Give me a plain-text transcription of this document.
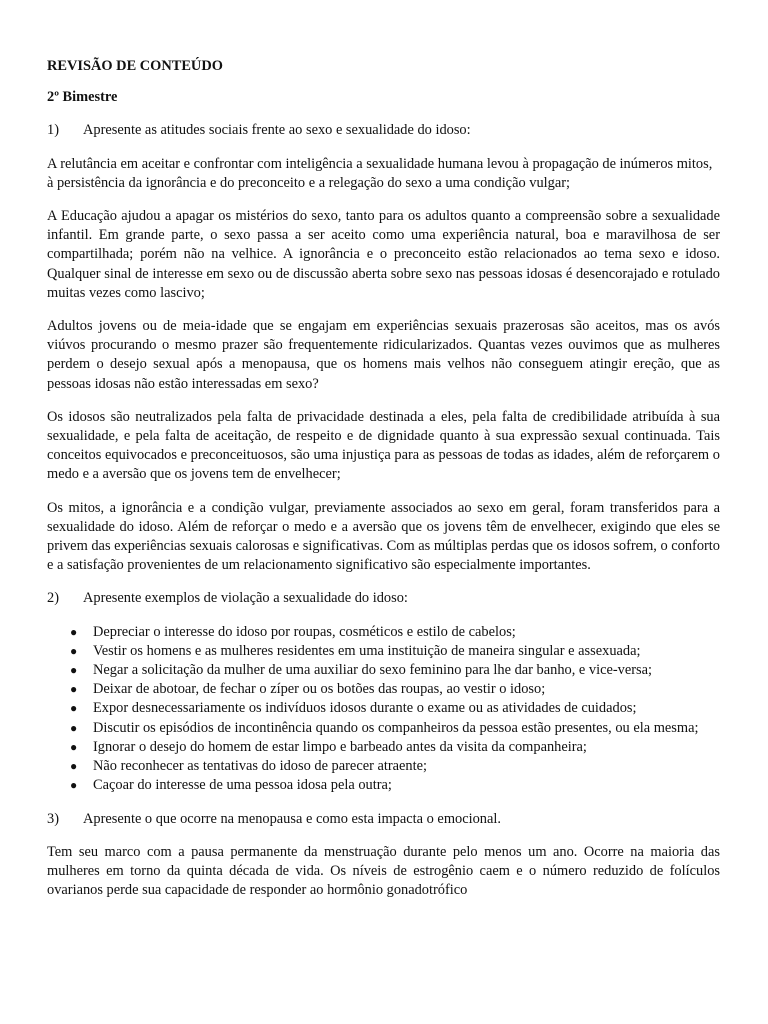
REVISÃO DE CONTEÚDO
2º Bimestre
1)	Apresente as atitudes sociais frente ao sexo e sexualidade do idoso:

A relutância em aceitar e confrontar com inteligência a sexualidade humana levou à propagação de inúmeros mitos, à persistência da ignorância e do preconceito e a relegação do sexo a uma condição vulgar;

A Educação ajudou a apagar os mistérios do sexo, tanto para os adultos quanto a compreensão sobre a sexualidade infantil. Em grande parte, o sexo passa a ser aceito como uma experiência natural, boa e maravilhosa de ser compartilhada; porém não na velhice. A ignorância e o preconceito estão relacionados ao tema sexo e idoso. Qualquer sinal de interesse em sexo ou de discussão aberta sobre sexo nas pessoas idosas é desencorajado e rotulado muitas vezes como lascivo;

Adultos jovens ou de meia-idade que se engajam em experiências sexuais prazerosas são aceitos, mas os avós viúvos procurando o mesmo prazer são frequentemente ridicularizados. Quantas vezes ouvimos que as mulheres perdem o desejo sexual após a menopausa, que os homens mais velhos não conseguem atingir ereção, que as pessoas idosas não estão interessadas em sexo?

Os idosos são neutralizados pela falta de privacidade destinada a eles, pela falta de credibilidade atribuída à sua sexualidade, e pela falta de aceitação, de respeito e de dignidade quanto à sua expressão sexual continuada. Tais conceitos equivocados e preconceituosos, são uma injustiça para as pessoas de todas as idades, além de reforçarem o medo e a aversão que os jovens tem de envelhecer;

Os mitos, a ignorância e a condição vulgar, previamente associados ao sexo em geral, foram transferidos para a sexualidade do idoso. Além de reforçar o medo e a aversão que os jovens têm de envelhecer, exigindo que eles se privem das experiências sexuais calorosas e significativas. Com as múltiplas perdas que os idosos sofrem, o conforto e a satisfação provenientes de um relacionamento significativo são especialmente importantes.

2)	Apresente exemplos de violação a sexualidade do idoso:
●	Depreciar o interesse do idoso por roupas, cosméticos e estilo de cabelos;
●	Vestir os homens e as mulheres residentes em uma instituição de maneira singular e assexuada;
●	Negar a solicitação da mulher de uma auxiliar do sexo feminino para lhe dar banho, e vice-versa;
●	Deixar de abotoar, de fechar o zíper ou os botões das roupas, ao vestir o idoso;
●	Expor desnecessariamente os indivíduos idosos durante o exame ou as atividades de cuidados;
●	Discutir os episódios de incontinência quando os companheiros da pessoa estão presentes, ou ela mesma;
●	Ignorar o desejo do homem de estar limpo e barbeado antes da visita da companheira;
●	Não reconhecer as tentativas do idoso de parecer atraente;
●	Caçoar do interesse de uma pessoa idosa pela outra;
3)	Apresente o que ocorre na menopausa e como esta impacta o emocional.

Tem seu marco com a pausa permanente da menstruação durante pelo menos um ano. Ocorre na maioria das mulheres em torno da quinta década de vida. Os níveis de estrogênio caem e o número reduzido de folículos ovarianos perde sua capacidade de responder ao hormônio gonadotrófico
